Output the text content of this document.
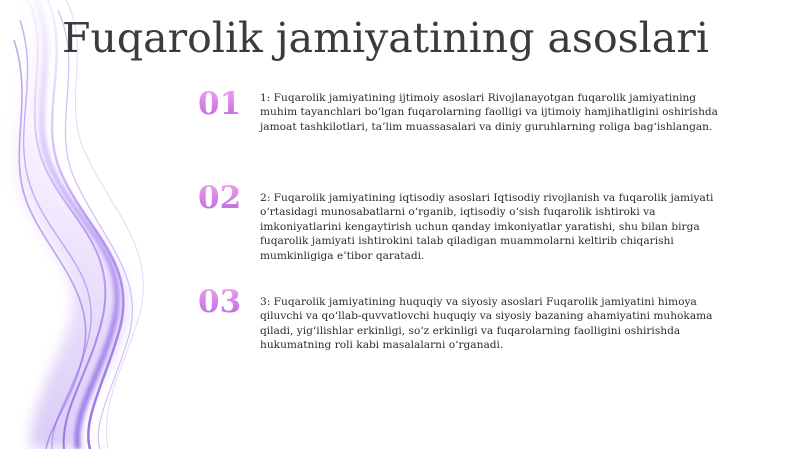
Fuqarolik jamiyatining asoslari
01	1: Fuqarolik jamiyatining ijtimoiy asoslari Rivojlanayotgan fuqarolik jamiyatining muhim tayanchlari bo‘lgan fuqarolarning faolligi va ijtimoiy hamjihatligini oshirishda jamoat tashkilotlari, ta’lim muassasalari va diniy guruhlarning roliga bag‘ishlangan.

02	2: Fuqarolik jamiyatining iqtisodiy asoslari Iqtisodiy rivojlanish va fuqarolik jamiyati o‘rtasidagi munosabatlarni o‘rganib, iqtisodiy o‘sish fuqarolik ishtiroki va imkoniyatlarini kengaytirish uchun qanday imkoniyatlar yaratishi, shu bilan birga fuqarolik jamiyati ishtirokini talab qiladigan muammolarni keltirib chiqarishi mumkinligiga e’tibor qaratadi.

03	3: Fuqarolik jamiyatining huquqiy va siyosiy asoslari Fuqarolik jamiyatini himoya qiluvchi va qo‘llab-quvvatlovchi huquqiy va siyosiy bazaning ahamiyatini muhokama qiladi, yig‘ilishlar erkinligi, so‘z erkinligi va fuqarolarning faolligini oshirishda hukumatning roli kabi masalalarni o‘rganadi.
